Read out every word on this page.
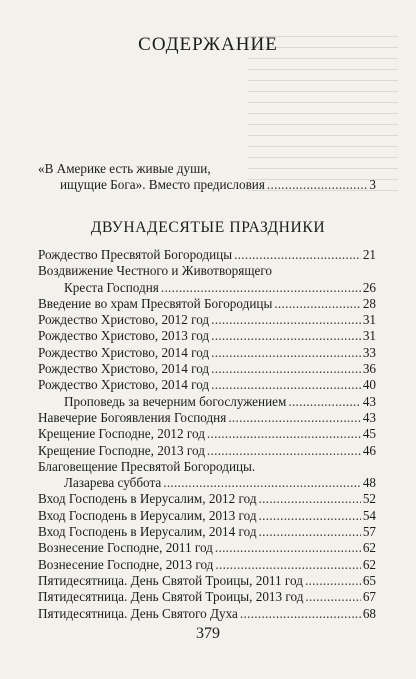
СОДЕРЖАНИЕ
«В Америке есть живые души,
ищущие Бога». Вместо предисловия . . .	3
ДВУНАДЕСЯТЫЕ ПРАЗДНИКИ
Рождество Пресвятой Богородицы . . .	21
Воздвижение Честного и Животворящего
Креста Господня . . .	26
Введение во храм Пресвятой Богородицы . . .	28
Рождество Христово, 2012 год . . .	31
Рождество Христово, 2013 год . . .	31
Рождество Христово, 2014 год . . .	33
Рождество Христово, 2014 год . . .	36
Рождество Христово, 2014 год . . .	40
Проповедь за вечерним богослужением . . .	43
Навечерие Богоявления Господня . . .	43
Крещение Господне, 2012 год . . .	45
Крещение Господне, 2013 год . . .	46
Благовещение Пресвятой Богородицы.
Лазарева суббота . . .	48
Вход Господень в Иерусалим, 2012 год . . .	52
Вход Господень в Иерусалим, 2013 год . . .	54
Вход Господень в Иерусалим, 2014 год . . .	57
Вознесение Господне, 2011 год . . .	62
Вознесение Господне, 2013 год . . .	62
Пятидесятница. День Святой Троицы, 2011 год . . .	65
Пятидесятница. День Святой Троицы, 2013 год . . .	67
Пятидесятница. День Святого Духа . . .	68
379
